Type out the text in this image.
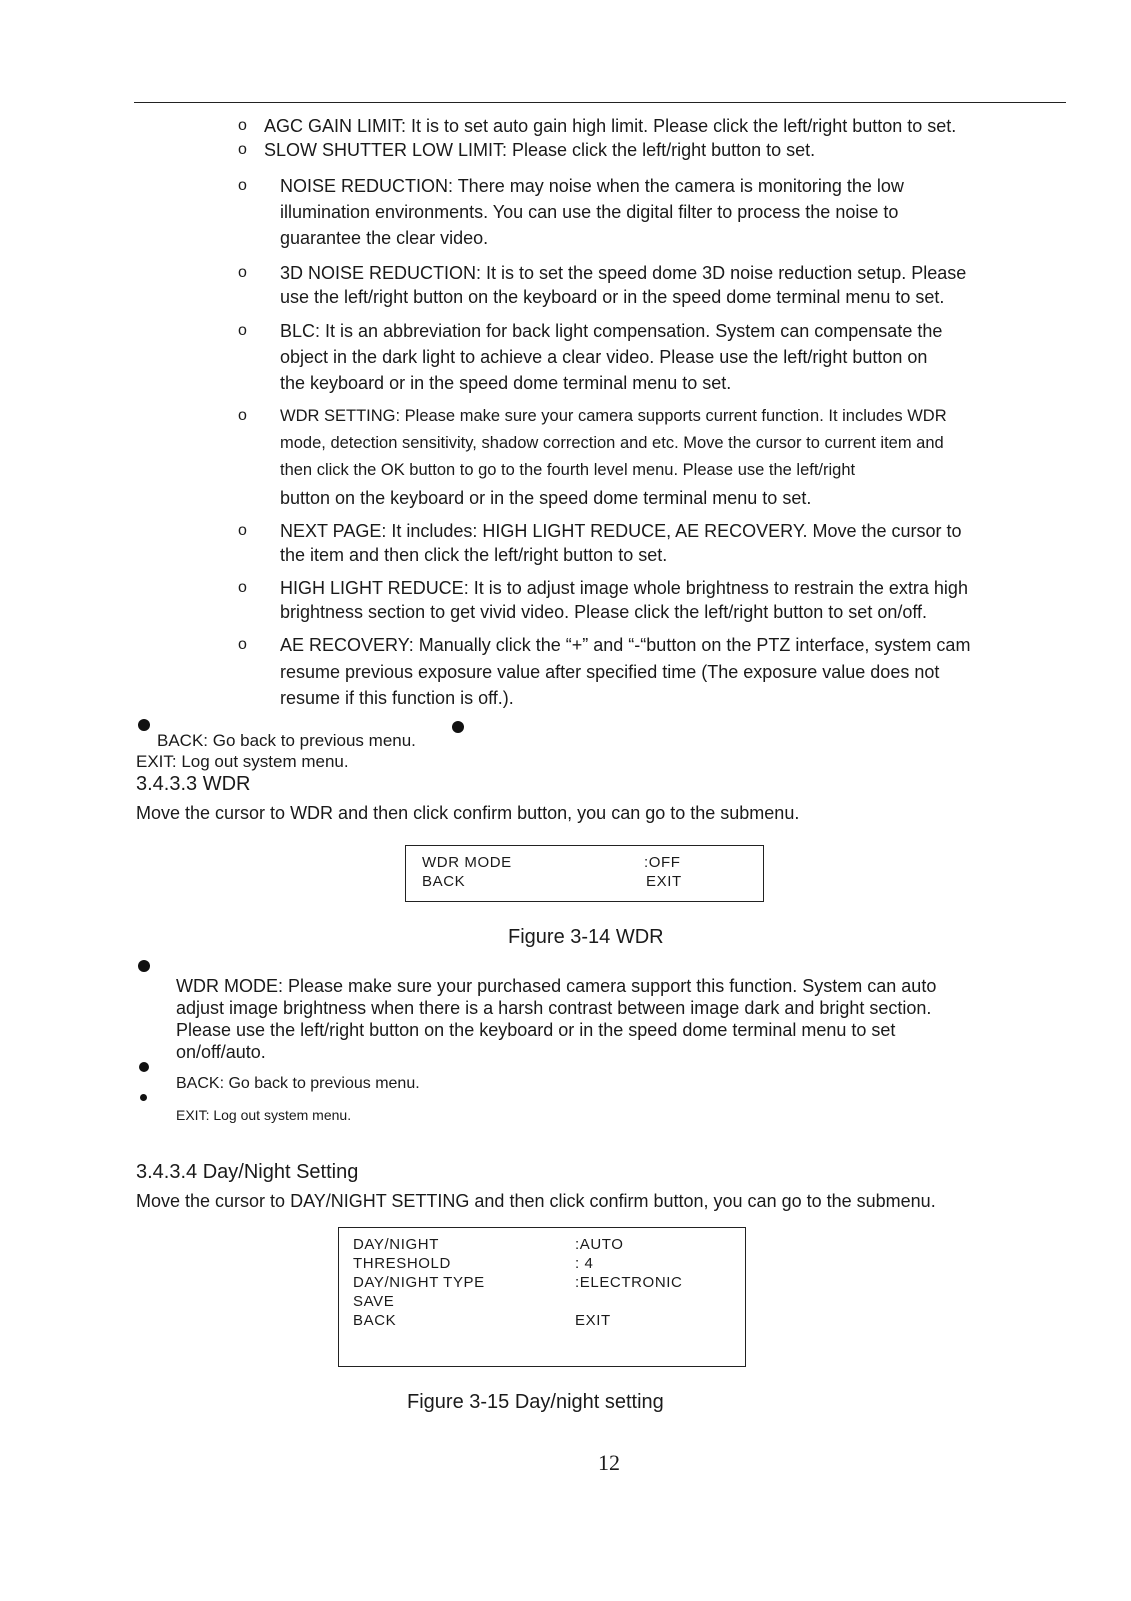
o AGC GAIN LIMIT: It is to set auto gain high limit. Please click the left/right button to set.
o SLOW SHUTTER LOW LIMIT: Please click the left/right button to set.
o NOISE REDUCTION: There may noise when the camera is monitoring the low
illumination environments. You can use the digital filter to process the noise to
guarantee the clear video.
o 3D NOISE REDUCTION: It is to set the speed dome 3D noise reduction setup. Please
use the left/right button on the keyboard or in the speed dome terminal menu to set.
o BLC: It is an abbreviation for back light compensation. System can compensate the
object in the dark light to achieve a clear video. Please use the left/right button on
the keyboard or in the speed dome terminal menu to set.
o WDR SETTING: Please make sure your camera supports current function. It includes WDR
mode, detection sensitivity, shadow correction and etc. Move the cursor to current item and
then click the OK button to go to the fourth level menu. Please use the left/right
button on the keyboard or in the speed dome terminal menu to set.
o NEXT PAGE: It includes: HIGH LIGHT REDUCE, AE RECOVERY. Move the cursor to
the item and then click the left/right button to set.
o HIGH LIGHT REDUCE: It is to adjust image whole brightness to restrain the extra high
brightness section to get vivid video. Please click the left/right button to set on/off.
o AE RECOVERY: Manually click the “+” and “-“button on the PTZ interface, system cam
resume previous exposure value after specified time (The exposure value does not
resume if this function is off.).
BACK: Go back to previous menu.
EXIT: Log out system menu.
3.4.3.3 WDR
Move the cursor to WDR and then click confirm button, you can go to the submenu.
WDR MODE	:OFF
BACK	EXIT
Figure 3-14 WDR
WDR MODE: Please make sure your purchased camera support this function. System can auto
adjust image brightness when there is a harsh contrast between image dark and bright section.
Please use the left/right button on the keyboard or in the speed dome terminal menu to set
on/off/auto.
BACK: Go back to previous menu.
EXIT: Log out system menu.
3.4.3.4 Day/Night Setting
Move the cursor to DAY/NIGHT SETTING and then click confirm button, you can go to the submenu.
DAY/NIGHT	:AUTO
THRESHOLD	: 4
DAY/NIGHT TYPE	:ELECTRONIC
SAVE
BACK	EXIT
Figure 3-15 Day/night setting
12
